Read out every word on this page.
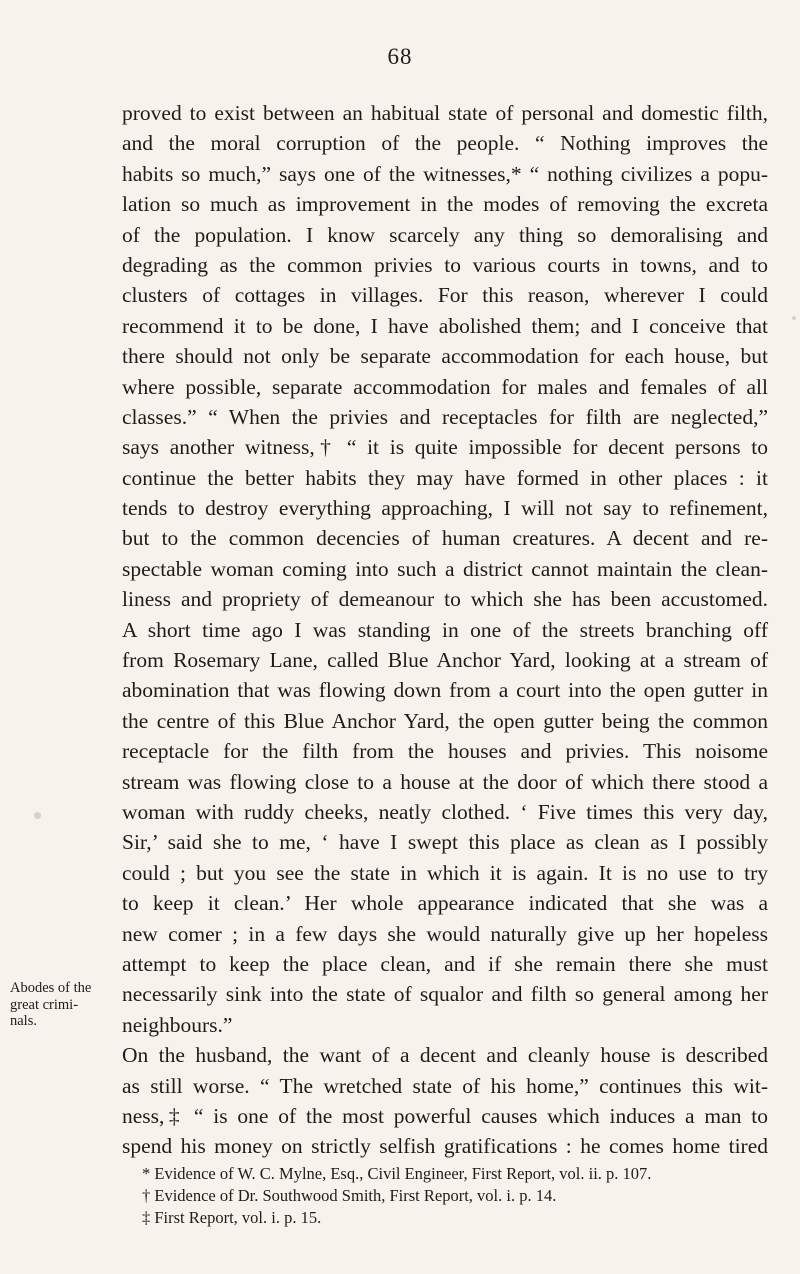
68
proved to exist between an habitual state of personal and domestic filth,
and the moral corruption of the people. “ Nothing improves the
habits so much,” says one of the witnesses,* “ nothing civilizes a popu-
lation so much as improvement in the modes of removing the excreta
of the population. I know scarcely any thing so demoralising and
degrading as the common privies to various courts in towns, and to
clusters of cottages in villages. For this reason, wherever I could
recommend it to be done, I have abolished them; and I conceive that
there should not only be separate accommodation for each house, but
where possible, separate accommodation for males and females of all
classes.” “ When the privies and receptacles for filth are neglected,”
says another witness,† “ it is quite impossible for decent persons to
continue the better habits they may have formed in other places : it
tends to destroy everything approaching, I will not say to refinement,
but to the common decencies of human creatures. A decent and re-
spectable woman coming into such a district cannot maintain the clean-
liness and propriety of demeanour to which she has been accustomed.
A short time ago I was standing in one of the streets branching off
from Rosemary Lane, called Blue Anchor Yard, looking at a stream of
abomination that was flowing down from a court into the open gutter in
the centre of this Blue Anchor Yard, the open gutter being the common
receptacle for the filth from the houses and privies. This noisome
stream was flowing close to a house at the door of which there stood a
woman with ruddy cheeks, neatly clothed. ‘ Five times this very day,
Sir,’ said she to me, ‘ have I swept this place as clean as I possibly
could ; but you see the state in which it is again. It is no use to try
to keep it clean.’ Her whole appearance indicated that she was a
new comer ; in a few days she would naturally give up her hopeless
attempt to keep the place clean, and if she remain there she must
necessarily sink into the state of squalor and filth so general among her
neighbours.”
On the husband, the want of a decent and cleanly house is described
as still worse. “ The wretched state of his home,” continues this wit-
ness,‡ “ is one of the most powerful causes which induces a man to
spend his money on strictly selfish gratifications : he comes home tired
Abodes of the
great crimi-
nals.
* Evidence of W. C. Mylne, Esq., Civil Engineer, First Report, vol. ii. p. 107.
† Evidence of Dr. Southwood Smith, First Report, vol. i. p. 14.
‡ First Report, vol. i. p. 15.
